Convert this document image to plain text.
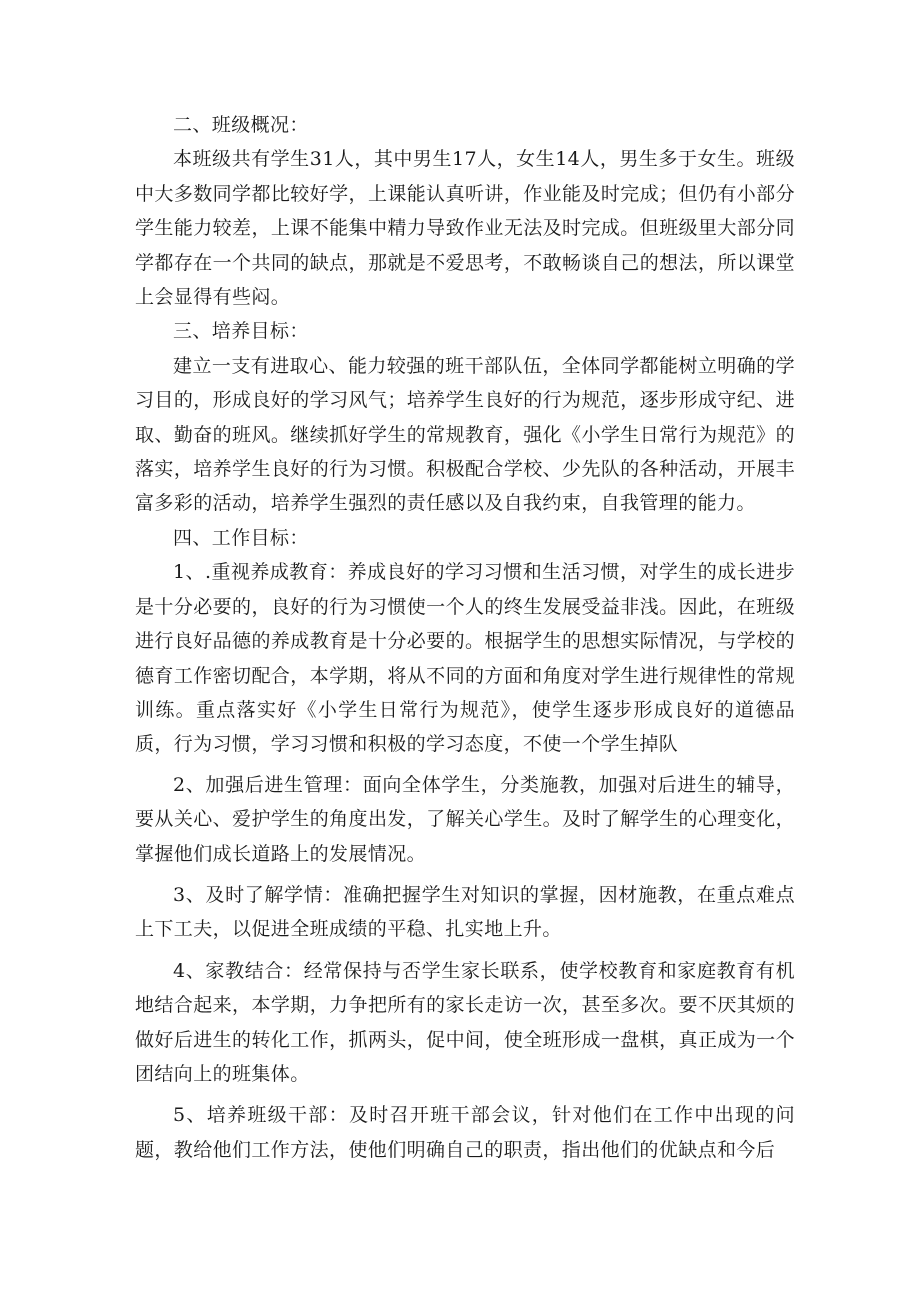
二、班级概况：

本班级共有学生31人，其中男生17人，女生14人，男生多于女生。班级中大多数同学都比较好学，上课能认真听讲，作业能及时完成；但仍有小部分学生能力较差，上课不能集中精力导致作业无法及时完成。但班级里大部分同学都存在一个共同的缺点，那就是不爱思考，不敢畅谈自己的想法，所以课堂上会显得有些闷。

三、培养目标：

建立一支有进取心、能力较强的班干部队伍，全体同学都能树立明确的学习目的，形成良好的学习风气；培养学生良好的行为规范，逐步形成守纪、进取、勤奋的班风。继续抓好学生的常规教育，强化《小学生日常行为规范》的落实，培养学生良好的行为习惯。积极配合学校、少先队的各种活动，开展丰富多彩的活动，培养学生强烈的责任感以及自我约束，自我管理的能力。

四、工作目标：

1、.重视养成教育：养成良好的学习习惯和生活习惯，对学生的成长进步是十分必要的，良好的行为习惯使一个人的终生发展受益非浅。因此，在班级进行良好品德的养成教育是十分必要的。根据学生的思想实际情况，与学校的德育工作密切配合，本学期，将从不同的方面和角度对学生进行规律性的常规训练。重点落实好《小学生日常行为规范》，使学生逐步形成良好的道德品质，行为习惯，学习习惯和积极的学习态度，不使一个学生掉队

2、加强后进生管理：面向全体学生，分类施教，加强对后进生的辅导，要从关心、爱护学生的角度出发，了解关心学生。及时了解学生的心理变化，掌握他们成长道路上的发展情况。

3、及时了解学情：准确把握学生对知识的掌握，因材施教，在重点难点上下工夫，以促进全班成绩的平稳、扎实地上升。

4、家教结合：经常保持与否学生家长联系，使学校教育和家庭教育有机地结合起来，本学期，力争把所有的家长走访一次，甚至多次。要不厌其烦的做好后进生的转化工作，抓两头，促中间，使全班形成一盘棋，真正成为一个团结向上的班集体。

5、培养班级干部：及时召开班干部会议，针对他们在工作中出现的问题，教给他们工作方法，使他们明确自己的职责，指出他们的优缺点和今后
